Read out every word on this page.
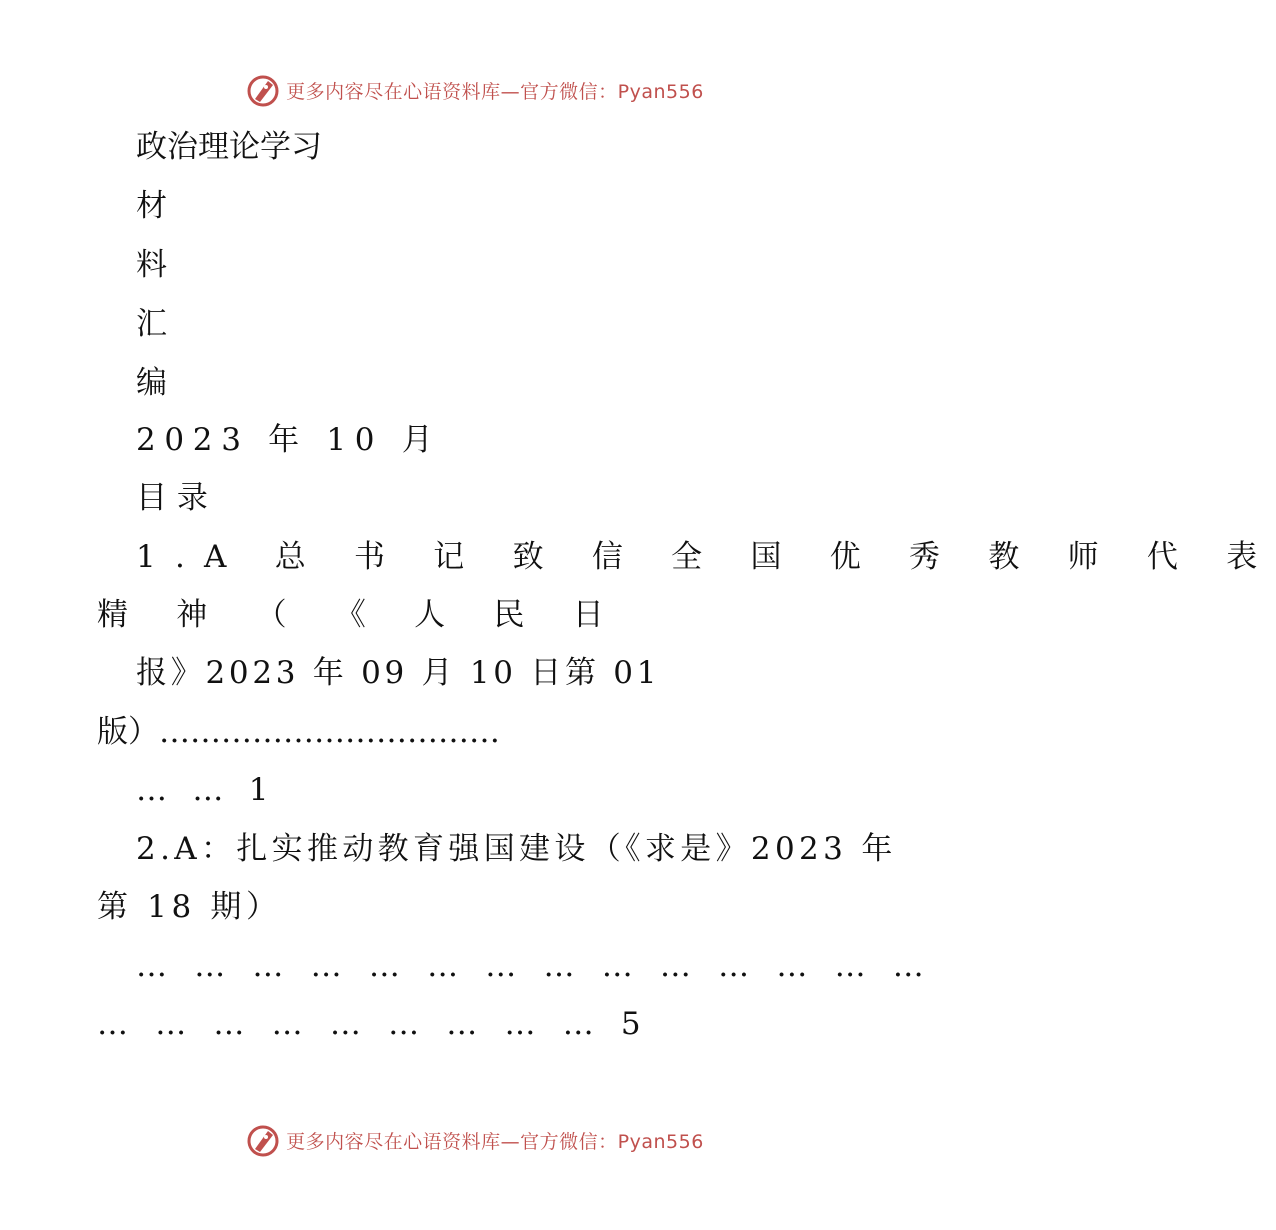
更多内容尽在心语资料库—官方微信：Pyan556
政治理论学习
材
料
汇
编
2023 年 10 月
目 录
1.A 总 书 记 致 信 全 国 优 秀 教 师 代 表
精 神 （ 《 人 民 日
报》2023 年 09 月 10 日第 01
版）……………………………
… … 1
2.A：扎实推动教育强国建设（《求是》2023 年
第 18 期）
… … … … … … … … … … … … … …
… … … … … … … … … 5
更多内容尽在心语资料库—官方微信：Pyan556
